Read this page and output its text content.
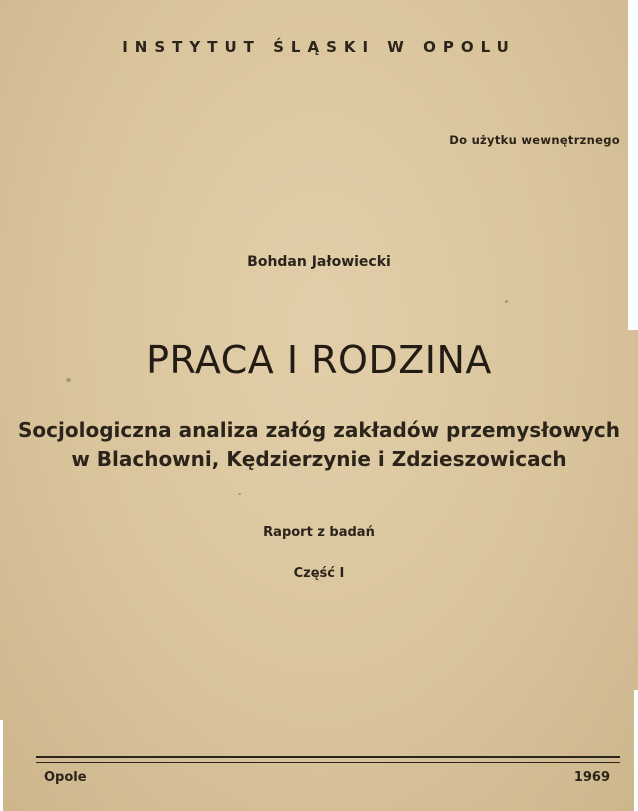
INSTYTUT ŚLĄSKI W OPOLU
Do użytku wewnętrznego
Bohdan Jałowiecki
PRACA I RODZINA
Socjologiczna analiza załóg zakładów przemysłowych
w Blachowni, Kędzierzynie i Zdzieszowicach
Raport z badań
Część I
Opole	1969
